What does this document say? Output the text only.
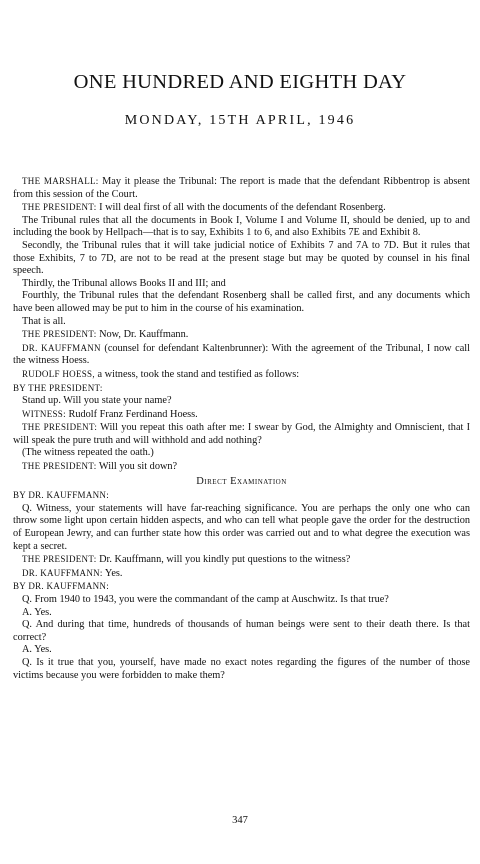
ONE HUNDRED AND EIGHTH DAY
MONDAY, 15TH APRIL, 1946

THE MARSHALL: May it please the Tribunal: The report is made that the defendant Ribbentrop is absent from this session of the Court.

THE PRESIDENT: I will deal first of all with the documents of the defendant Rosenberg.

The Tribunal rules that all the documents in Book I, Volume I and Volume II, should be denied, up to and including the book by Hellpach—that is to say, Exhibits 1 to 6, and also Exhibits 7E and Exhibit 8.

Secondly, the Tribunal rules that it will take judicial notice of Exhibits 7 and 7A to 7D. But it rules that those Exhibits, 7 to 7D, are not to be read at the present stage but may be quoted by counsel in his final speech.

Thirdly, the Tribunal allows Books II and III; and

Fourthly, the Tribunal rules that the defendant Rosenberg shall be called first, and any documents which have been allowed may be put to him in the course of his examination.

That is all.

THE PRESIDENT: Now, Dr. Kauffmann.

DR. KAUFFMANN (counsel for defendant Kaltenbrunner): With the agreement of the Tribunal, I now call the witness Hoess.

RUDOLF HOESS, a witness, took the stand and testified as follows:

BY THE PRESIDENT:

Stand up. Will you state your name?

WITNESS: Rudolf Franz Ferdinand Hoess.

THE PRESIDENT: Will you repeat this oath after me: I swear by God, the Almighty and Omniscient, that I will speak the pure truth and will withhold and add nothing?

(The witness repeated the oath.)

THE PRESIDENT: Will you sit down?

Direct Examination

BY DR. KAUFFMANN:

Q. Witness, your statements will have far-reaching significance. You are perhaps the only one who can throw some light upon certain hidden aspects, and who can tell what people gave the order for the destruction of European Jewry, and can further state how this order was carried out and to what degree the execution was kept a secret.

THE PRESIDENT: Dr. Kauffmann, will you kindly put questions to the witness?

DR. KAUFFMANN: Yes.

BY DR. KAUFFMANN:

Q. From 1940 to 1943, you were the commandant of the camp at Auschwitz. Is that true?

A. Yes.

Q. And during that time, hundreds of thousands of human beings were sent to their death there. Is that correct?

A. Yes.

Q. Is it true that you, yourself, have made no exact notes regarding the figures of the number of those victims because you were forbidden to make them?

347
